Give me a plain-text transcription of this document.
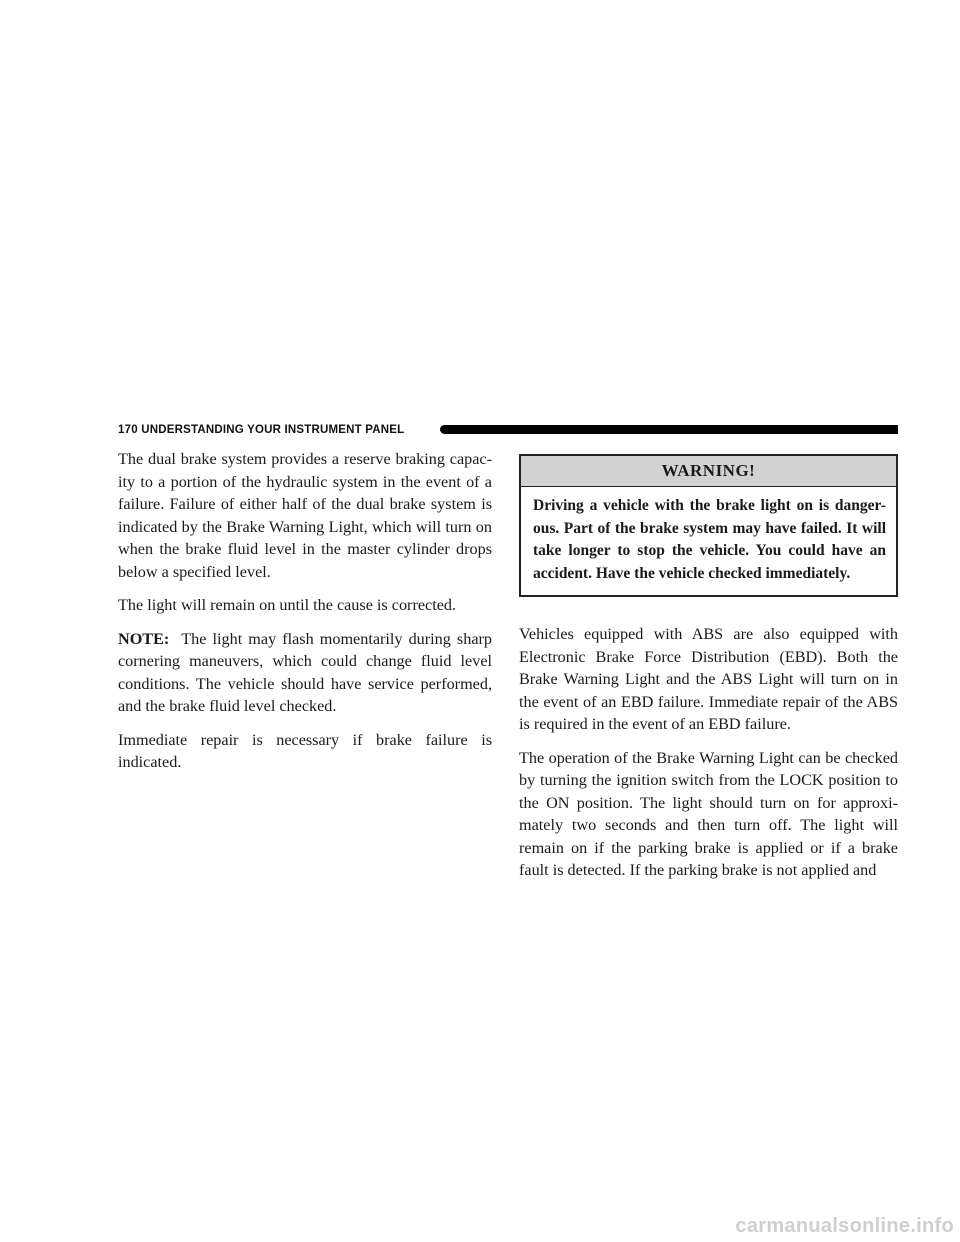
170 UNDERSTANDING YOUR INSTRUMENT PANEL

The dual brake system provides a reserve braking capac-ity to a portion of the hydraulic system in the event of a failure. Failure of either half of the dual brake system is indicated by the Brake Warning Light, which will turn on when the brake fluid level in the master cylinder drops below a specified level.

The light will remain on until the cause is corrected.

NOTE: The light may flash momentarily during sharp cornering maneuvers, which could change fluid level conditions. The vehicle should have service performed, and the brake fluid level checked.

Immediate repair is necessary if brake failure is indicated.

WARNING!
Driving a vehicle with the brake light on is danger-ous. Part of the brake system may have failed. It will take longer to stop the vehicle. You could have an accident. Have the vehicle checked immediately.

Vehicles equipped with ABS are also equipped with Electronic Brake Force Distribution (EBD). Both the Brake Warning Light and the ABS Light will turn on in the event of an EBD failure. Immediate repair of the ABS is required in the event of an EBD failure.

The operation of the Brake Warning Light can be checked by turning the ignition switch from the LOCK position to the ON position. The light should turn on for approxi-mately two seconds and then turn off. The light will remain on if the parking brake is applied or if a brake fault is detected. If the parking brake is not applied and

carmanualsonline.info
